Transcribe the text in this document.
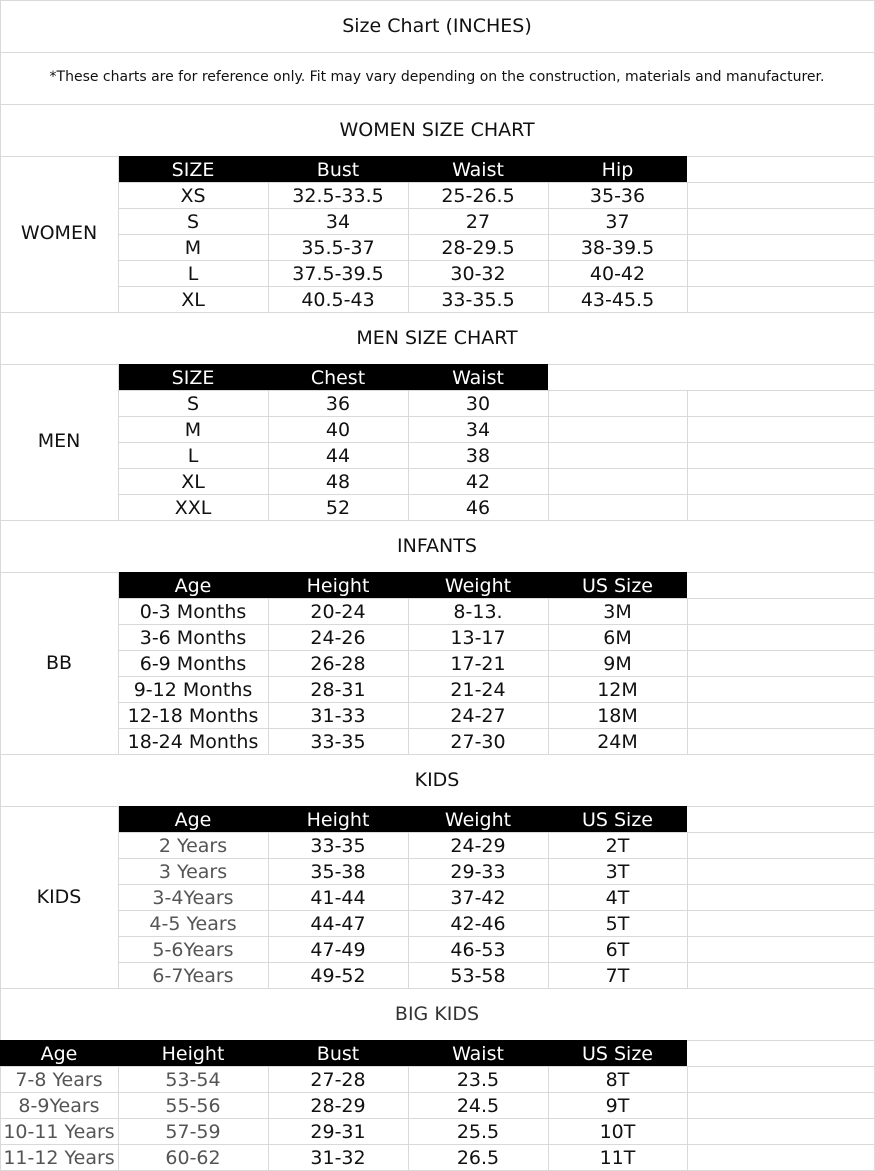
Size Chart (INCHES)
*These charts are for reference only. Fit may vary depending on the construction, materials and manufacturer.
WOMEN SIZE CHART
WOMEN
MEN SIZE CHART
MEN
INFANTS
BB
KIDS
KIDS
BIG KIDS
SIZE	Bust	Waist	Hip
XS	32.5-33.5	25-26.5	35-36
S	34	27	37
M	35.5-37	28-29.5	38-39.5
L	37.5-39.5	30-32	40-42
XL	40.5-43	33-35.5	43-45.5
SIZE	Chest	Waist
S	36	30
M	40	34
L	44	38
XL	48	42
XXL	52	46
Age	Height	Weight	US Size
0-3 Months	20-24	8-13.	3M
3-6 Months	24-26	13-17	6M
6-9 Months	26-28	17-21	9M
9-12 Months	28-31	21-24	12M
12-18 Months	31-33	24-27	18M
18-24 Months	33-35	27-30	24M
Age	Height	Weight	US Size
2 Years	33-35	24-29	2T
3 Years	35-38	29-33	3T
3-4Years	41-44	37-42	4T
4-5 Years	44-47	42-46	5T
5-6Years	47-49	46-53	6T
6-7Years	49-52	53-58	7T
Age	Height	Bust	Waist	US Size
7-8 Years	53-54	27-28	23.5	8T
8-9Years	55-56	28-29	24.5	9T
10-11 Years	57-59	29-31	25.5	10T
11-12 Years	60-62	31-32	26.5	11T
